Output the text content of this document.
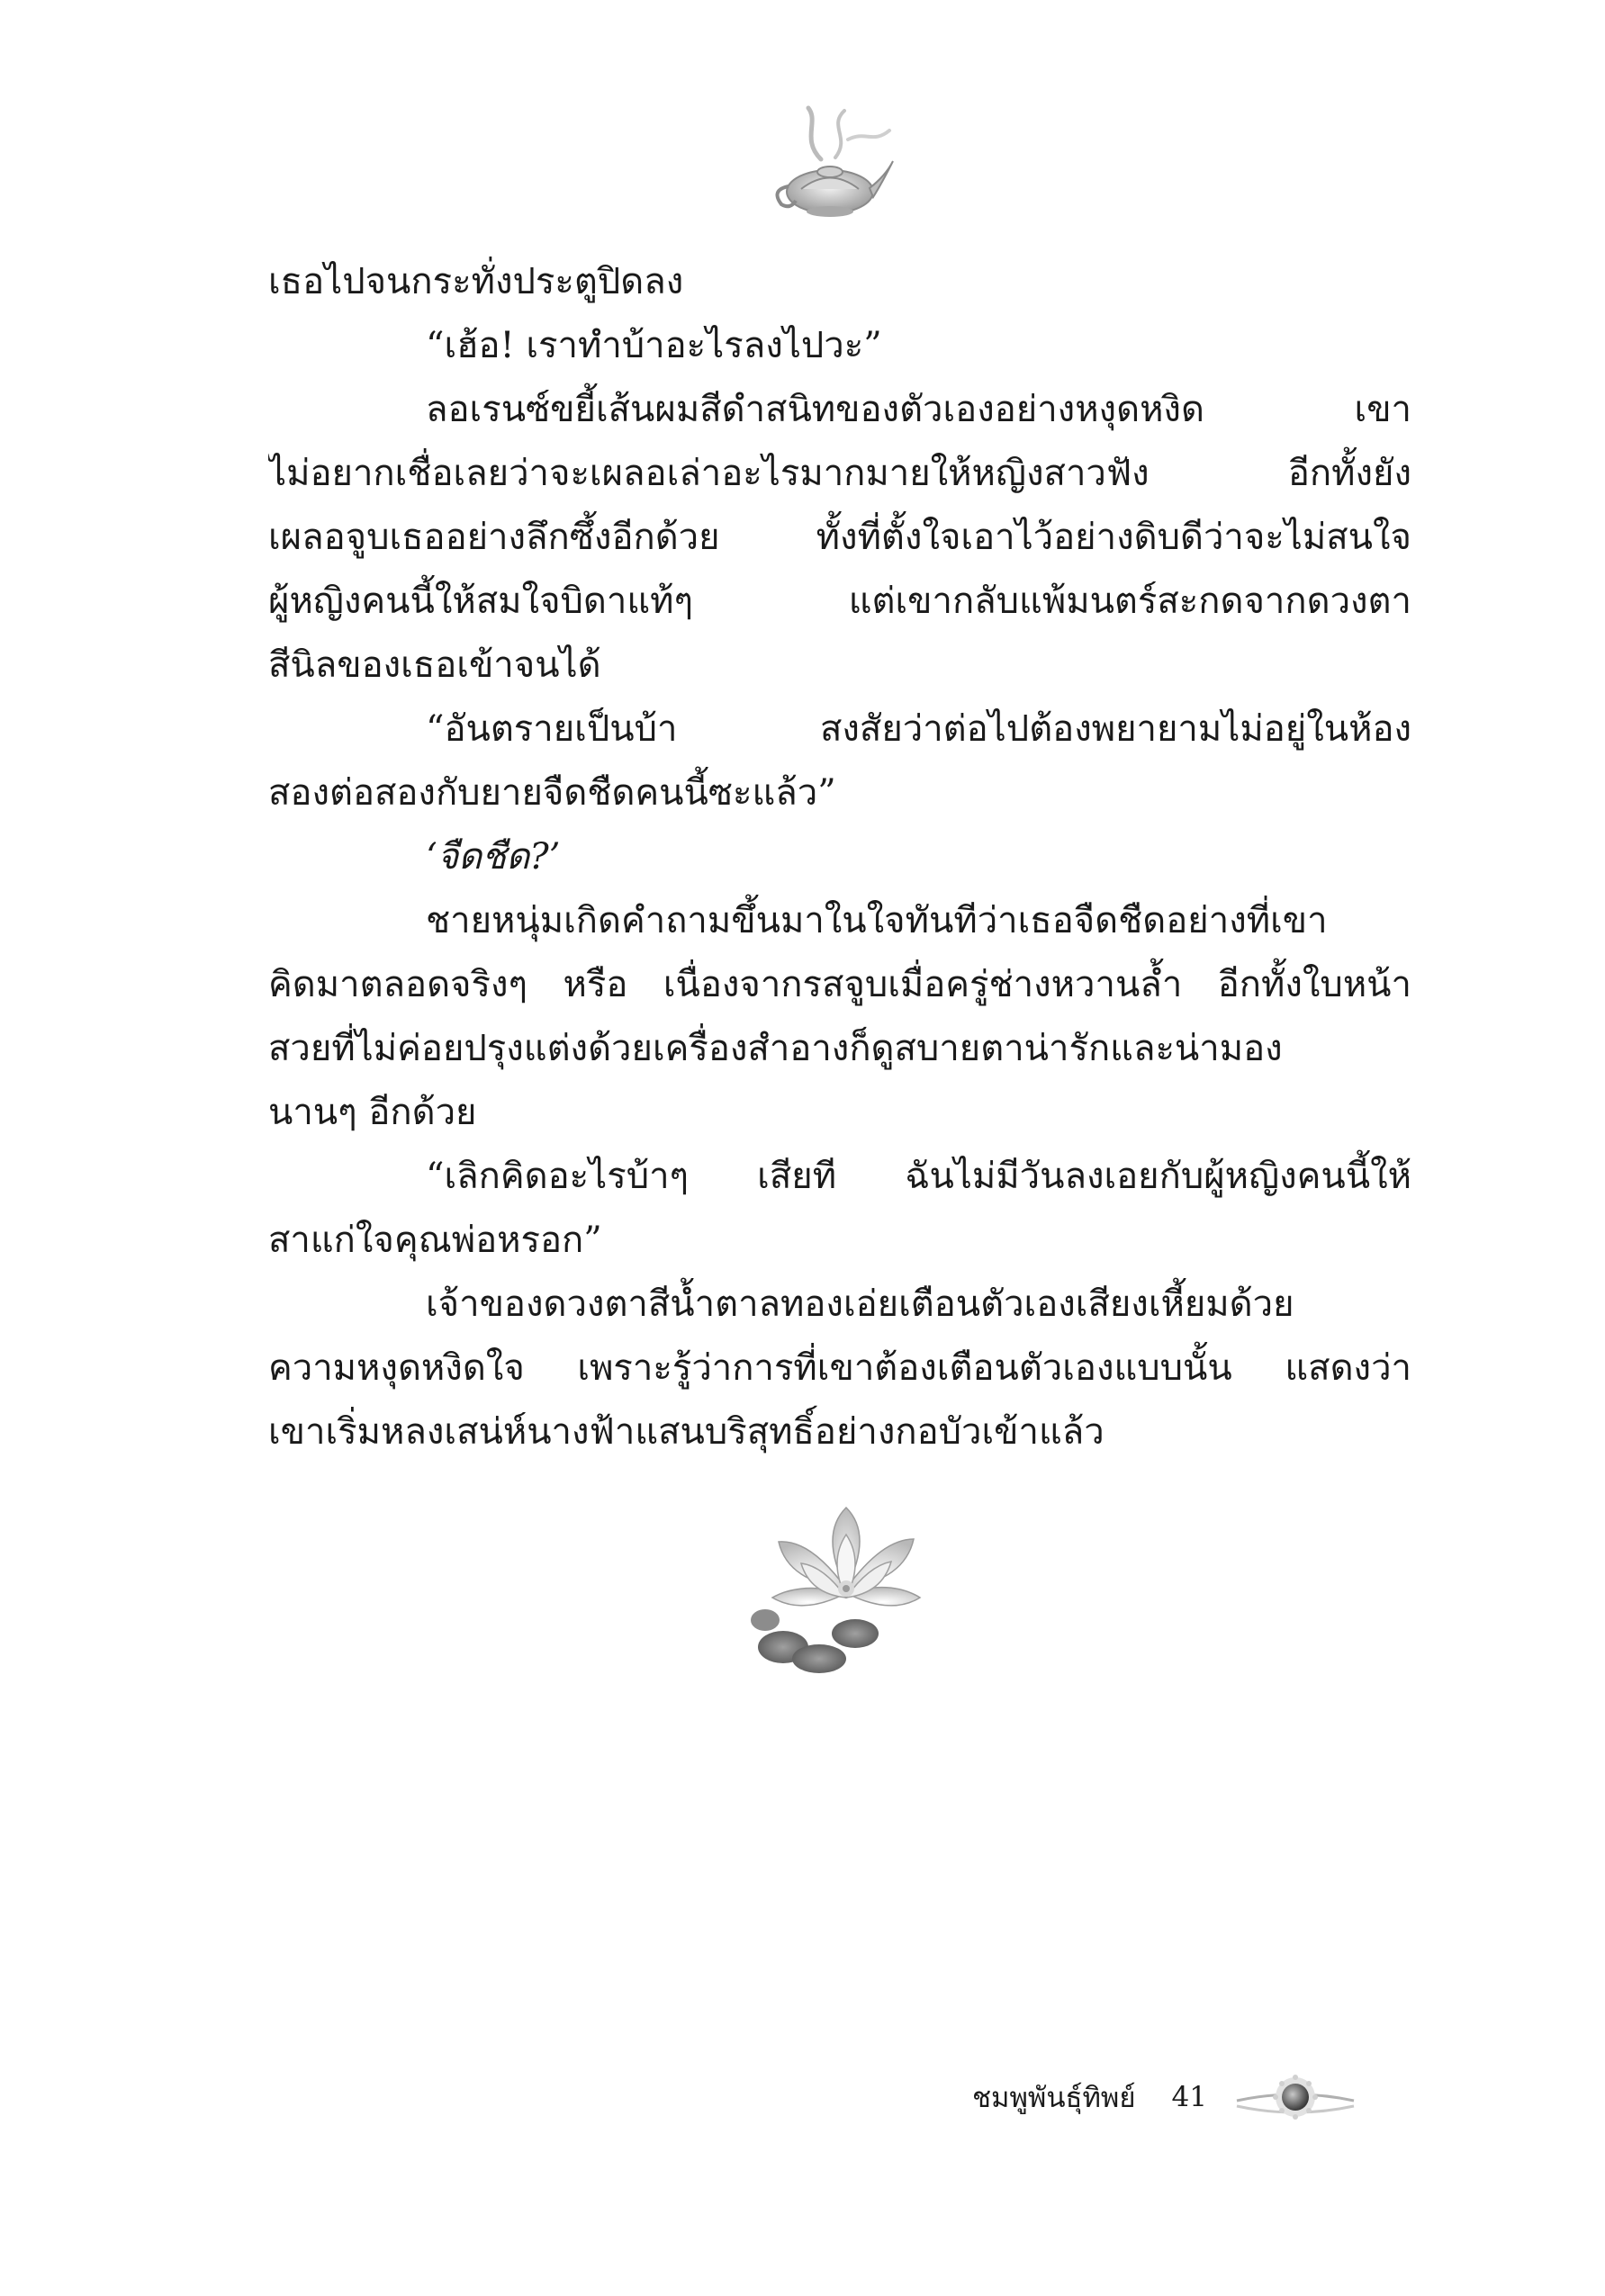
เธอไปจนกระทั่งประตูปิดลง
“เฮ้อ! เราทำบ้าอะไรลงไปวะ”
ลอเรนซ์ขยี้เส้นผมสีดำสนิทของตัวเองอย่างหงุดหงิด เขา
ไม่อยากเชื่อเลยว่าจะเผลอเล่าอะไรมากมายให้หญิงสาวฟัง อีกทั้งยัง
เผลอจูบเธออย่างลึกซึ้งอีกด้วย ทั้งที่ตั้งใจเอาไว้อย่างดิบดีว่าจะไม่สนใจ
ผู้หญิงคนนี้ให้สมใจบิดาแท้ๆ แต่เขากลับแพ้มนตร์สะกดจากดวงตา
สีนิลของเธอเข้าจนได้
“อันตรายเป็นบ้า สงสัยว่าต่อไปต้องพยายามไม่อยู่ในห้อง
สองต่อสองกับยายจืดชืดคนนี้ซะแล้ว”
‘จืดชืด?’
ชายหนุ่มเกิดคำถามขึ้นมาในใจทันทีว่าเธอจืดชืดอย่างที่เขา
คิดมาตลอดจริงๆ หรือ เนื่องจากรสจูบเมื่อครู่ช่างหวานล้ำ อีกทั้งใบหน้า
สวยที่ไม่ค่อยปรุงแต่งด้วยเครื่องสำอางก็ดูสบายตาน่ารักและน่ามอง
นานๆ อีกด้วย
“เลิกคิดอะไรบ้าๆ เสียที ฉันไม่มีวันลงเอยกับผู้หญิงคนนี้ให้
สาแก่ใจคุณพ่อหรอก”
เจ้าของดวงตาสีน้ำตาลทองเอ่ยเตือนตัวเองเสียงเหี้ยมด้วย
ความหงุดหงิดใจ เพราะรู้ว่าการที่เขาต้องเตือนตัวเองแบบนั้น แสดงว่า
เขาเริ่มหลงเสน่ห์นางฟ้าแสนบริสุทธิ์อย่างกอบัวเข้าแล้ว
ชมพูพันธุ์ทิพย์ 41
